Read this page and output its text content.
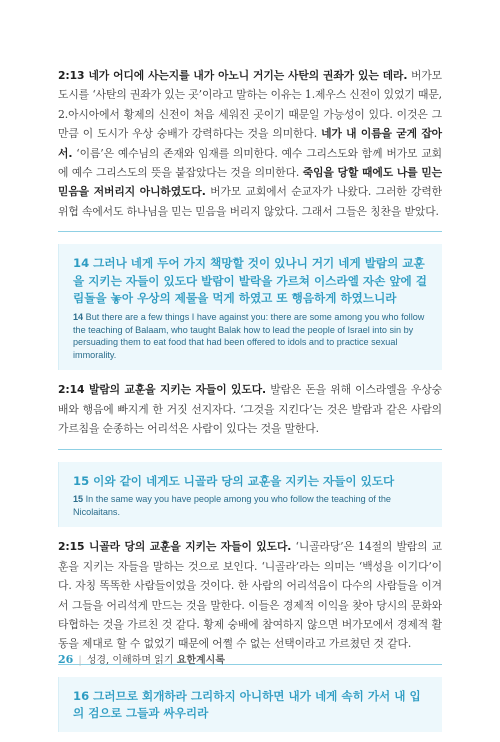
2:13 네가 어디에 사는지를 내가 아노니 거기는 사탄의 권좌가 있는 데라. 버가모 도시를 ‘사탄의 권좌가 있는 곳’이라고 말하는 이유는 1.제우스 신전이 있었기 때문, 2.아시아에서 황제의 신전이 처음 세워진 곳이기 때문일 가능성이 있다. 이것은 그만큼 이 도시가 우상 숭배가 강력하다는 것을 의미한다. 네가 내 이름을 굳게 잡아서. ‘이름’은 예수님의 존재와 임재를 의미한다. 예수 그리스도와 함께 버가모 교회에 예수 그리스도의 뜻을 붙잡았다는 것을 의미한다. 죽임을 당할 때에도 나를 믿는 믿음을 저버리지 아니하였도다. 버가모 교회에서 순교자가 나왔다. 그러한 강력한 위협 속에서도 하나님을 믿는 믿음을 버리지 않았다. 그래서 그들은 칭찬을 받았다.

14 그러나 네게 두어 가지 책망할 것이 있나니 거기 네게 발람의 교훈을 지키는 자들이 있도다 발람이 발락을 가르쳐 이스라엘 자손 앞에 걸림돌을 놓아 우상의 제물을 먹게 하였고 또 행음하게 하였느니라

14 But there are a few things I have against you: there are some among you who follow the teaching of Balaam, who taught Balak how to lead the people of Israel into sin by persuading them to eat food that had been offered to idols and to practice sexual immorality.

2:14 발람의 교훈을 지키는 자들이 있도다. 발람은 돈을 위해 이스라엘을 우상숭배와 행음에 빠지게 한 거짓 선지자다. ‘그것을 지킨다’는 것은 발람과 같은 사람의 가르침을 순종하는 어리석은 사람이 있다는 것을 말한다.

15 이와 같이 네게도 니골라 당의 교훈을 지키는 자들이 있도다

15 In the same way you have people among you who follow the teaching of the Nicolaitans.

2:15 니골라 당의 교훈을 지키는 자들이 있도다. ‘니골라당’은 14절의 발람의 교훈을 지키는 자들을 말하는 것으로 보인다. ‘니골라’라는 의미는 ‘백성을 이기다’이다. 자칭 똑똑한 사람들이었을 것이다. 한 사람의 어리석음이 다수의 사람들을 이겨서 그들을 어리석게 만드는 것을 말한다. 이들은 경제적 이익을 찾아 당시의 문화와 타협하는 것을 가르친 것 같다. 황제 숭배에 참여하지 않으면 버가모에서 경제적 활동을 제대로 할 수 없었기 때문에 어쩔 수 없는 선택이라고 가르쳤던 것 같다.

16 그러므로 회개하라 그리하지 아니하면 내가 네게 속히 가서 내 입의 검으로 그들과 싸우리라

26 | 성경, 이해하며 읽기 요한계시록
